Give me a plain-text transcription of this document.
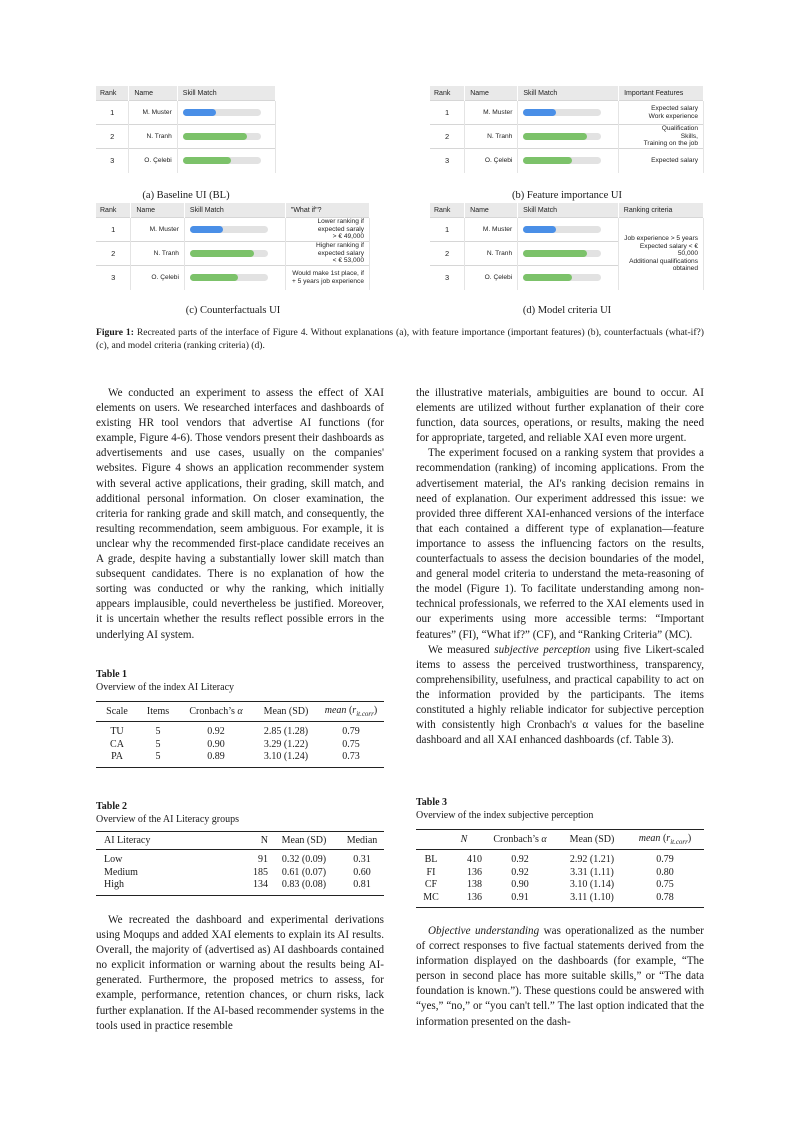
Rank	Name	Skill Match
1	M. Muster	

2	N. Tranh	

3	O. Çelebi	
(a) Baseline UI (BL)
Rank	Name	Skill Match	Important Features
1	M. Muster		Expected salary
Work experience
2	N. Tranh		Qualification
Skills,
Training on the job
3	O. Çelebi		Expected salary
(b) Feature importance UI
Rank	Name	Skill Match	"What if"?
1	M. Muster		Lower ranking if expected saraly
> € 49,000
2	N. Tranh		Higher ranking if expected salary
< € 53,000
3	O. Çelebi		Would make 1st place, if
+ 5 years job experience
(c) Counterfactuals UI
Rank	Name	Skill Match	Ranking criteria
1	M. Muster		Job experience > 5 years
Expected salary < € 50,000
Additional qualifications
obtained
2	N. Tranh		

3	O. Çelebi		
(d) Model criteria UI
Figure 1: Recreated parts of the interface of Figure 4. Without explanations (a), with feature importance (important features) (b), counterfactuals (what-if?) (c), and model criteria (ranking criteria) (d).

We conducted an experiment to assess the effect of XAI elements on users. We researched interfaces and dashboards of existing HR tool vendors that advertise AI functions (for example, Figure 4-6). Those vendors present their dashboards as advertisements and use cases, usually on the companies' websites. Figure 4 shows an application recommender system with several active applications, their grading, skill match, and additional personal information. On closer examination, the criteria for ranking grade and skill match, and consequently, the resulting recommendation, seem ambiguous. For example, it is unclear why the recommended first-place candidate receives an A grade, despite having a substantially lower skill match than subsequent candidates. There is no explanation of how the sorting was conducted or why the ranking, which initially appears implausible, could nevertheless be justified. Moreover, it is uncertain whether the results reflect possible errors in the underlying AI system.

Table 1
Overview of the index AI Literacy
Scale	Items	Cronbach’s α	Mean (SD)	mean $(r_{it.corr})$
TU	5	0.92	2.85 (1.28)	0.79
CA	5	0.90	3.29 (1.22)	0.75
PA	5	0.89	3.10 (1.24)	0.73
Table 2
Overview of the AI Literacy groups
AI Literacy	N	Mean (SD)	Median
Low	91	0.32 (0.09)	0.31
Medium	185	0.61 (0.07)	0.60
High	134	0.83 (0.08)	0.81

We recreated the dashboard and experimental derivations using Moqups and added XAI elements to explain its AI results. Overall, the majority of (advertised as) AI dashboards contained no explicit information or warning about the results being AI-generated. Furthermore, the proposed metrics to assess, for example, performance, retention chances, or churn risks, lack further explanation. If the AI-based recommender systems in the tools used in practice resemble

the illustrative materials, ambiguities are bound to occur. AI elements are utilized without further explanation of their core function, data sources, operations, or results, making the need for appropriate, targeted, and reliable XAI even more urgent.

The experiment focused on a ranking system that provides a recommendation (ranking) of incoming applications. From the advertisement material, the AI's ranking decision remains in need of explanation. Our experiment addressed this issue: we provided three different XAI-enhanced versions of the interface that each contained a different type of explanation—feature importance to assess the influencing factors on the results, counterfactuals to assess the decision boundaries of the model, and general model criteria to understand the meta-reasoning of the model (Figure 1). To facilitate understanding among non-technical professionals, we referred to the XAI elements used in our experiments using more accessible terms: “Important features” (FI), “What if?” (CF), and “Ranking Criteria” (MC).

We measured subjective perception using five Likert-scaled items to assess the perceived trustworthiness, transparency, comprehensibility, usefulness, and practical capability to act on the information provided by the participants. The items constituted a highly reliable indicator for subjective perception with consistently high Cronbach's α values for the baseline dashboard and all XAI enhanced dashboards (cf. Table 3).

Table 3
Overview of the index subjective perception
	N	Cronbach’s α	Mean (SD)	mean $(r_{it.corr})$
BL	410	0.92	2.92 (1.21)	0.79
FI	136	0.92	3.31 (1.11)	0.80
CF	138	0.90	3.10 (1.14)	0.75
MC	136	0.91	3.11 (1.10)	0.78

Objective understanding was operationalized as the number of correct responses to five factual statements derived from the information displayed on the dashboards (for example, “The person in second place has more suitable skills,” or “The data foundation is known.”). These questions could be answered with “yes,” “no,” or “you can't tell.” The last option indicated that the information presented on the dash-
